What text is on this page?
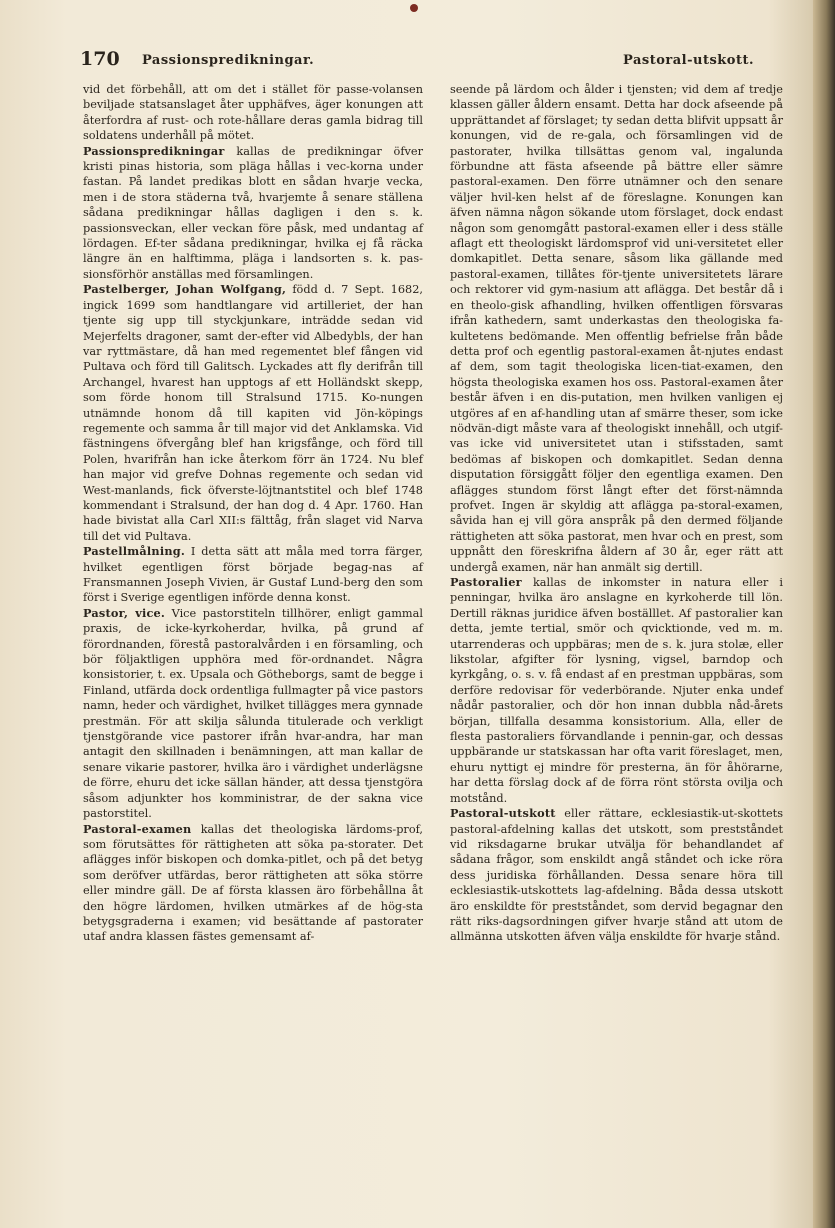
170 Passionspredikningar.	Pastoral-utskott.

vid det förbehåll, att om det i stället för passe-volansen beviljade statsanslaget åter upphäfves, äger konungen att återfordra af rust- och rote-hållare deras gamla bidrag till soldatens underhåll på mötet.

Passionspredikningar kallas de predikningar öfver kristi pinas historia, som pläga hållas i vec-korna under fastan. På landet predikas blott en sådan hvarje vecka, men i de stora städerna två, hvarjemte å senare ställena sådana predikningar hållas dagligen i den s. k. passionsveckan, eller veckan före påsk, med undantag af lördagen. Ef-ter sådana predikningar, hvilka ej få räcka längre än en halftimma, pläga i landsorten s. k. pas-sionsförhör anställas med församlingen.

Pastelberger, Johan Wolfgang, född d. 7 Sept. 1682, ingick 1699 som handtlangare vid artilleriet, der han tjente sig upp till styckjunkare, inträdde sedan vid Mejerfelts dragoner, samt der-efter vid Albedybls, der han var ryttmästare, då han med regementet blef fången vid Pultava och förd till Galitsch. Lyckades att fly derifrån till Archangel, hvarest han upptogs af ett Holländskt skepp, som förde honom till Stralsund 1715. Ko-nungen utnämnde honom då till kapiten vid Jön-köpings regemente och sammа år till major vid det Anklamska. Vid fästningens öfvergång blef han krigsfånge, och förd till Polen, hvarifrån han icke återkom förr än 1724. Nu blef han major vid grefve Dohnas regemente och sedan vid West-manlands, fick öfverste-löjtnantstitel och blef 1748 kommendant i Stralsund, der han dog d. 4 Apr. 1760. Han hade bivistat alla Carl XII:s fälttåg, från slaget vid Narva till det vid Pultava.

Pastellmålning. I detta sätt att måla med torra färger, hvilket egentligen först började begag-nas af Fransmannen Joseph Vivien, är Gustaf Lund-berg den som först i Sverige egentligen införde denna konst.

Pastor, vice. Vice pastorstiteln tillhörer, enligt gammal praxis, de icke-kyrkoherdar, hvilka, på grund af förordnanden, förestå pastoralvården i en församling, och bör följaktligen upphöra med för-ordnandet. Några konsistorier, t. ex. Upsala och Götheborgs, samt de begge i Finland, utfärda dock ordentliga fullmagter på vice pastors namn, heder och värdighet, hvilket tillägges mera gynnade prestmän. För att skilja sålunda titulerade och verkligt tjenstgörande vice pastorer ifrån hvar-andra, har man antagit den skillnaden i benämningen, att man kallar de senare vikarie pastorer, hvilka äro i värdighet underlägsne de förre, ehuru det icke sällan händer, att dessa tjenstgöra såsom adjunkter hos komministrar, de der sakna vice pastorstitel.

Pastoral-examen kallas det theologiska lärdoms-prof, som förutsättes för rättigheten att söka pa-storater. Det aflägges inför biskopen och domka-pitlet, och på det betyg som deröfver utfärdas, beror rättigheten att söka större eller mindre gäll. De af första klassen äro förbehållna åt den högre lärdomen, hvilken utmärkes af de hög-sta betygsgraderna i examen; vid besättande af pastorater utaf andra klassen fästes gemensamt af-

seende på lärdom och ålder i tjensten; vid dem af tredje klassen gäller åldern ensamt. Detta har dock afseende på upprättandet af förslaget; ty sedan detta blifvit uppsatt år konungen, vid de re-gala, och församlingen vid de pastorater, hvilka tillsättas genom val, ingalunda förbundne att fästa afseende på bättre eller sämre pastoral-examen. Den förre utnämner och den senare väljer hvil-ken helst af de föreslagne. Konungen kan äfven nämna någon sökande utom förslaget, dock endast någon som genomgått pastoral-examen eller i dess ställe aflagt ett theologiskt lärdomsprof vid uni-versitetet eller domkapitlet. Detta senare, såsom lika gällande med pastoral-examen, tillåtes för-tjente universitetets lärare och rektorer vid gym-nasium att aflägga. Det består då i en theolo-gisk afhandling, hvilken offentligen försvaras ifrån kathedern, samt underkastas den theologiska fa-kultetens bedömande. Men offentlig befrielse från både detta prof och egentlig pastoral-examen åt-njutes endast af dem, som tagit theologiska licen-tiat-examen, den högsta theologiska examen hos oss. Pastoral-examen åter består äfven i en dis-putation, men hvilken vanligen ej utgöres af en af-handling utan af smärre theser, som icke nödvän-digt måste vara af theologiskt innehåll, och utgif-vas icke vid universitetet utan i stifsstaden, samt bedömas af biskopen och domkapitlet. Sedan denna disputation försiggått följer den egentliga examen. Den aflägges stundom först långt efter det först-nämnda profvet. Ingen är skyldig att aflägga pa-storal-examen, såvida han ej vill göra anspråk på den dermed följande rättigheten att söka pastorat, men hvar och en prest, som uppnått den föreskrifna åldern af 30 år, eger rätt att undergå examen, när han anmält sig dertill.

Pastoralier kallas de inkomster in natura eller i penningar, hvilka äro anslagne en kyrkoherde till lön. Dertill räknas juridice äfven boställlet. Af pastoralier kan detta, jemte tertial, smör och qvicktionde, ved m. m. utarrenderas och uppbäras; men de s. k. jura stolæ, eller likstolar, afgifter för lysning, vigsel, barndop och kyrkgång, o. s. v. få endast af en prestman uppbäras, som derföre redovisar för vederbörande. Njuter enka undef nådår pastoralier, och dör hon innan dubbla nåd-årets början, tillfalla desamma konsistorium. Alla, eller de flesta pastoraliers förvandlande i pennin-gar, och dessas uppbärande ur statskassan har ofta varit föreslaget, men, ehuru nyttigt ej mindre för presterna, än för åhörarne, har detta förslag dock af de förra rönt största ovilja och motstånd.

Pastoral-utskott eller rättare, ecklesiastik-ut-skottets pastoral-afdelning kallas det utskott, som prestståndet vid riksdagarne brukar utvälja för behandlandet af sådana frågor, som enskildt angå ståndet och icke röra dess juridiska förhållanden. Dessa senare höra till ecklesiastik-utskottets lag-afdelning. Båda dessa utskott äro enskildte för prestståndet, som dervid begagnar den rätt riks-dagsordningen gifver hvarje stånd att utom de allmänna utskotten äfven välja enskildte för hvarje stånd.
